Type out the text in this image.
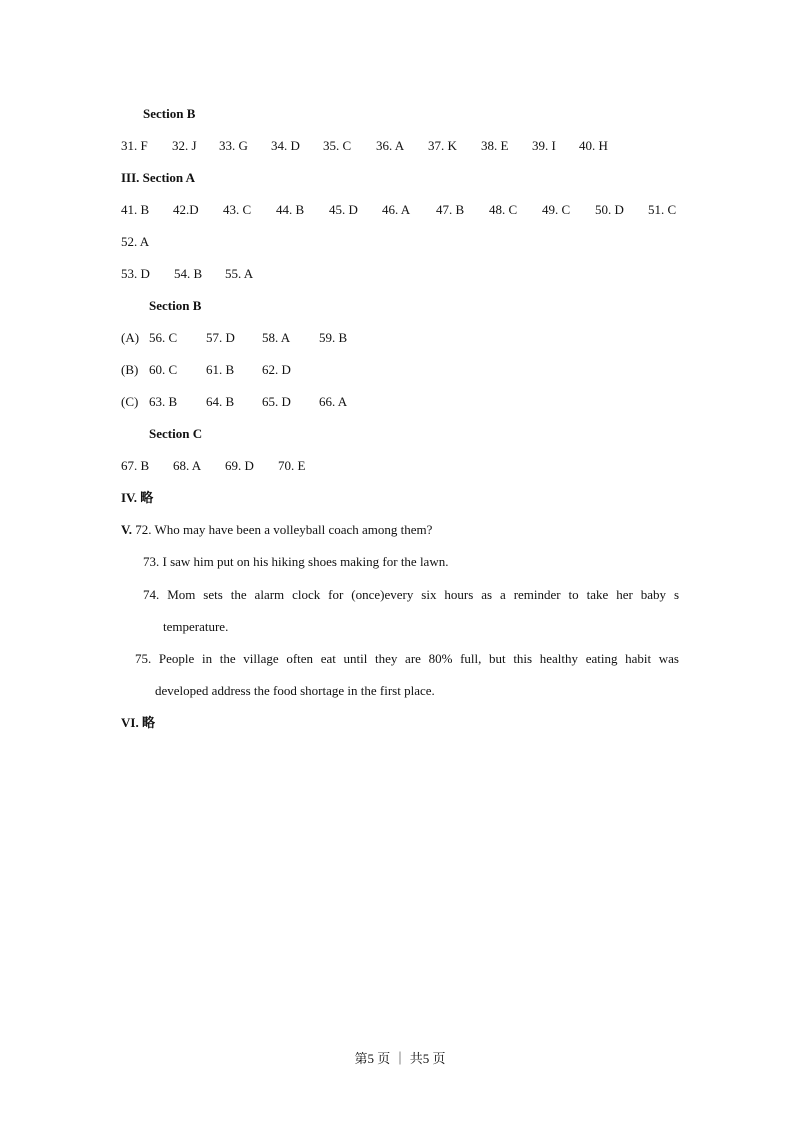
Section B
31. F 32. J 33. G 34. D 35. C 36. A 37. K 38. E 39. I 40. H
III. Section A
41. B 42.D 43. C 44. B 45. D 46. A 47. B 48. C 49. C 50. D 51. C
52. A
53. D 54. B 55. A
Section B
(A) 56. C 57. D 58. A 59. B
(B) 60. C 61. B 62. D
(C) 63. B 64. B 65. D 66. A
Section C
67. B 68. A 69. D 70. E
IV. 略
V. 72. Who may have been a volleyball coach among them?
73. I saw him put on his hiking shoes making for the lawn.
74. Mom sets the alarm clock for (once)every six hours as a reminder to take her baby s
temperature.
75. People in the village often eat until they are 80% full, but this healthy eating habit was
developed address the food shortage in the first place.
VI. 略
第5 页 ｜ 共5 页
